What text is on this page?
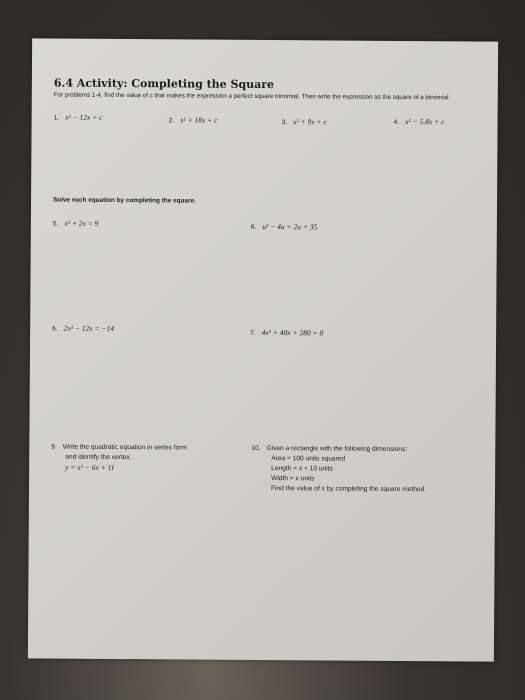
6.4 Activity: Completing the Square
For problems 1-4, find the value of c that makes the expression a perfect square trinomial. Then write the expression as the square of a binomial.
1. x² − 12x + c	2. x² + 18x + c	3. x² + 9x + c	4. x² − 5.8x + c
Solve each equation by completing the square.
5. x² + 2x = 9	6. u² − 4u = 2u + 35
6. 2x² − 12x = −14
7. 4x² + 40x + 280 = 0
9. Write the quadratic equation in vertex form
and identify the vertex.
y = x² − 6x + 11
10. Given a rectangle with the following dimensions:
Area = 100 units squared
Length = x + 10 units
Width = x units
Find the value of x by completing the square method.
